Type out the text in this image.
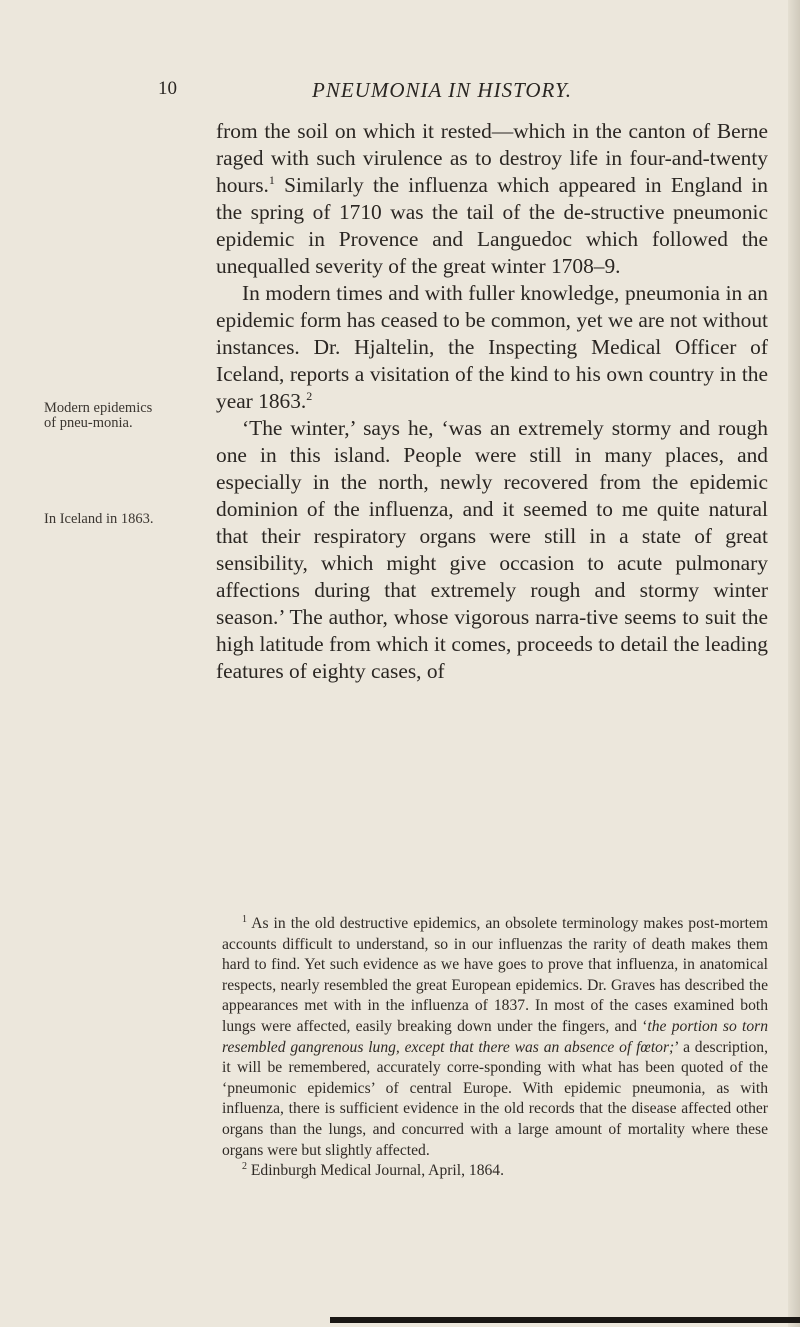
10	PNEUMONIA IN HISTORY.
Modern epidemics of pneu-monia.
In Iceland in 1863.

from the soil on which it rested—which in the canton of Berne raged with such virulence as to destroy life in four-and-twenty hours.$^1$ Similarly the influenza which appeared in England in the spring of 1710 was the tail of the de-structive pneumonic epidemic in Provence and Languedoc which followed the unequalled severity of the great winter 1708–9.

In modern times and with fuller knowledge, pneumonia in an epidemic form has ceased to be common, yet we are not without instances. Dr. Hjaltelin, the Inspecting Medical Officer of Iceland, reports a visitation of the kind to his own country in the year 1863.$^2$

‘The winter,’ says he, ‘was an extremely stormy and rough one in this island. People were still in many places, and especially in the north, newly recovered from the epidemic dominion of the influenza, and it seemed to me quite natural that their respiratory organs were still in a state of great sensibility, which might give occasion to acute pulmonary affections during that extremely rough and stormy winter season.’ The author, whose vigorous narra-tive seems to suit the high latitude from which it comes, proceeds to detail the leading features of eighty cases, of

$^1$ As in the old destructive epidemics, an obsolete terminology makes post-mortem accounts difficult to understand, so in our influenzas the rarity of death makes them hard to find. Yet such evidence as we have goes to prove that influenza, in anatomical respects, nearly resembled the great European epidemics. Dr. Graves has described the appearances met with in the influenza of 1837. In most of the cases examined both lungs were affected, easily breaking down under the fingers, and ‘the portion so torn resembled gangrenous lung, except that there was an absence of fœtor;’ a description, it will be remembered, accurately corre-sponding with what has been quoted of the ‘pneumonic epidemics’ of central Europe. With epidemic pneumonia, as with influenza, there is sufficient evidence in the old records that the disease affected other organs than the lungs, and concurred with a large amount of mortality where these organs were but slightly affected.

$^2$ Edinburgh Medical Journal, April, 1864.
